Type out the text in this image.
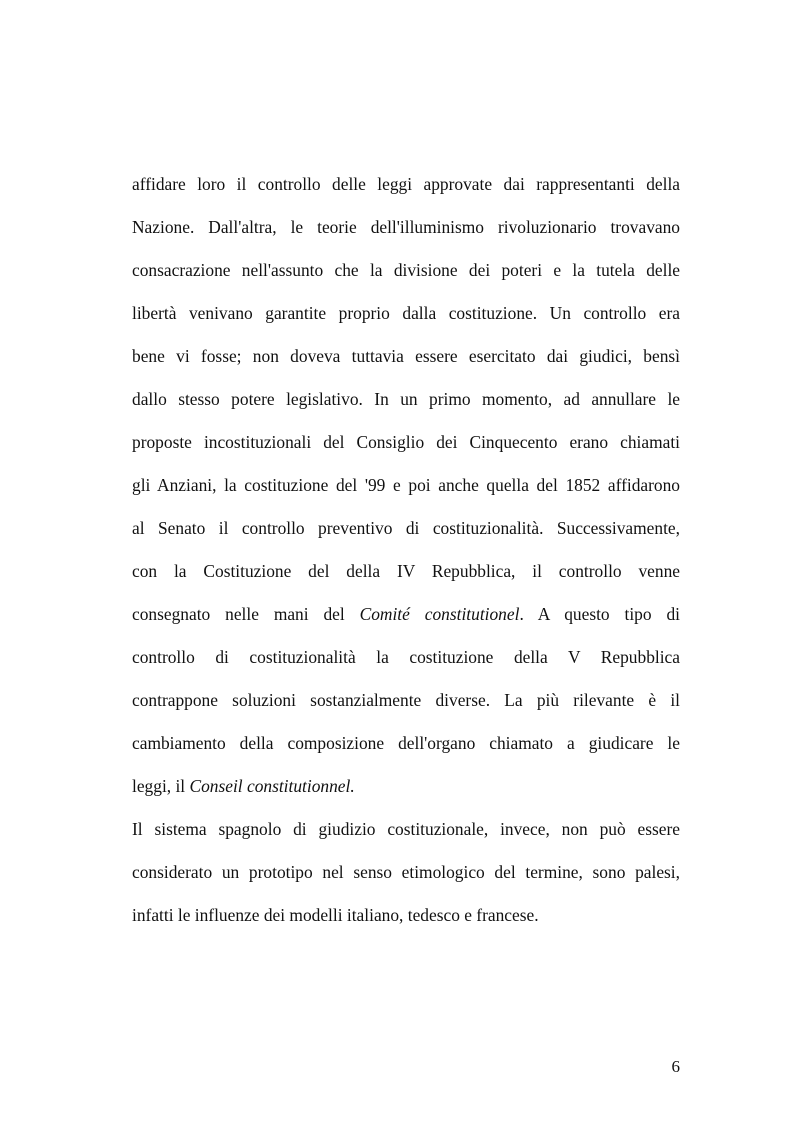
affidare loro il controllo delle leggi approvate dai rappresentanti della
Nazione. Dall'altra, le teorie dell'illuminismo rivoluzionario trovavano
consacrazione nell'assunto che la divisione dei poteri e la tutela delle
libertà venivano garantite proprio dalla costituzione. Un controllo era
bene vi fosse; non doveva tuttavia essere esercitato dai giudici, bensì
dallo stesso potere legislativo. In un primo momento, ad annullare le
proposte incostituzionali del Consiglio dei Cinquecento erano chiamati
gli Anziani, la costituzione del '99 e poi anche quella del 1852 affidarono
al Senato il controllo preventivo di costituzionalità. Successivamente,
con la Costituzione del della IV Repubblica, il controllo venne
consegnato nelle mani del Comité constitutionel. A questo tipo di
controllo di costituzionalità la costituzione della V Repubblica
contrappone soluzioni sostanzialmente diverse. La più rilevante è il
cambiamento della composizione dell'organo chiamato a giudicare le
leggi, il Conseil constitutionnel.
Il sistema spagnolo di giudizio costituzionale, invece, non può essere
considerato un prototipo nel senso etimologico del termine, sono palesi,
infatti le influenze dei modelli italiano, tedesco e francese.
6
